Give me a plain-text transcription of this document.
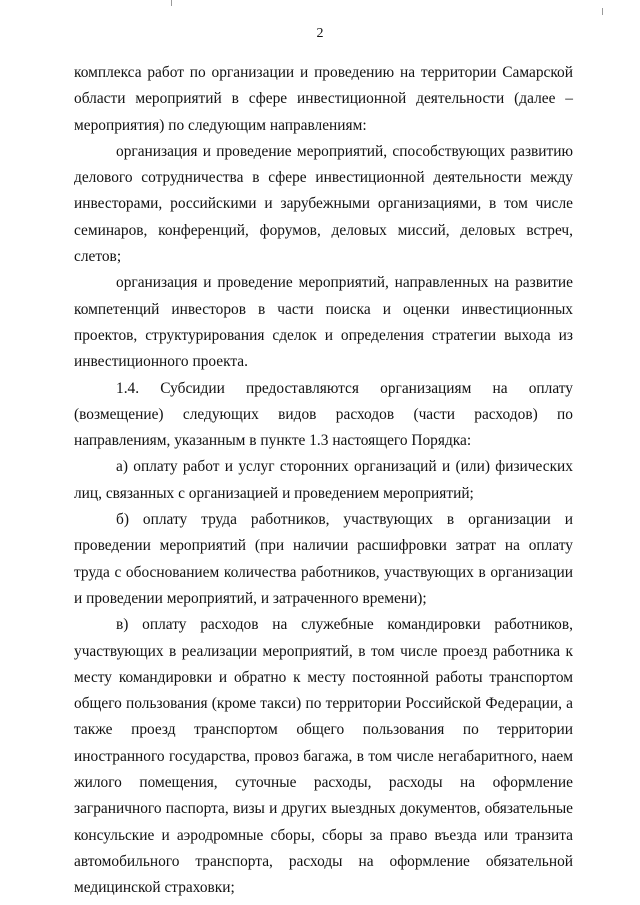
2

комплекса работ по организации и проведению на территории Самарской области мероприятий в сфере инвестиционной деятельности (далее – мероприятия) по следующим направлениям:

организация и проведение мероприятий, способствующих развитию делового сотрудничества в сфере инвестиционной деятельности между инвесторами, российскими и зарубежными организациями, в том числе семинаров, конференций, форумов, деловых миссий, деловых встреч, слетов;

организация и проведение мероприятий, направленных на развитие компетенций инвесторов в части поиска и оценки инвестиционных проектов, структурирования сделок и определения стратегии выхода из инвестиционного проекта.

1.4. Субсидии предоставляются организациям на оплату (возмещение) следующих видов расходов (части расходов) по направлениям, указанным в пункте 1.3 настоящего Порядка:

а) оплату работ и услуг сторонних организаций и (или) физических лиц, связанных с организацией и проведением мероприятий;

б) оплату труда работников, участвующих в организации и проведении мероприятий (при наличии расшифровки затрат на оплату труда с обоснованием количества работников, участвующих в организации и проведении мероприятий, и затраченного времени);

в) оплату расходов на служебные командировки работников, участвующих в реализации мероприятий, в том числе проезд работника к месту командировки и обратно к месту постоянной работы транспортом общего пользования (кроме такси) по территории Российской Федерации, а также проезд транспортом общего пользования по территории иностранного государства, провоз багажа, в том числе негабаритного, наем жилого помещения, суточные расходы, расходы на оформление заграничного паспорта, визы и других выездных документов, обязательные консульские и аэродромные сборы, сборы за право въезда или транзита автомобильного транспорта, расходы на оформление обязательной медицинской страховки;
